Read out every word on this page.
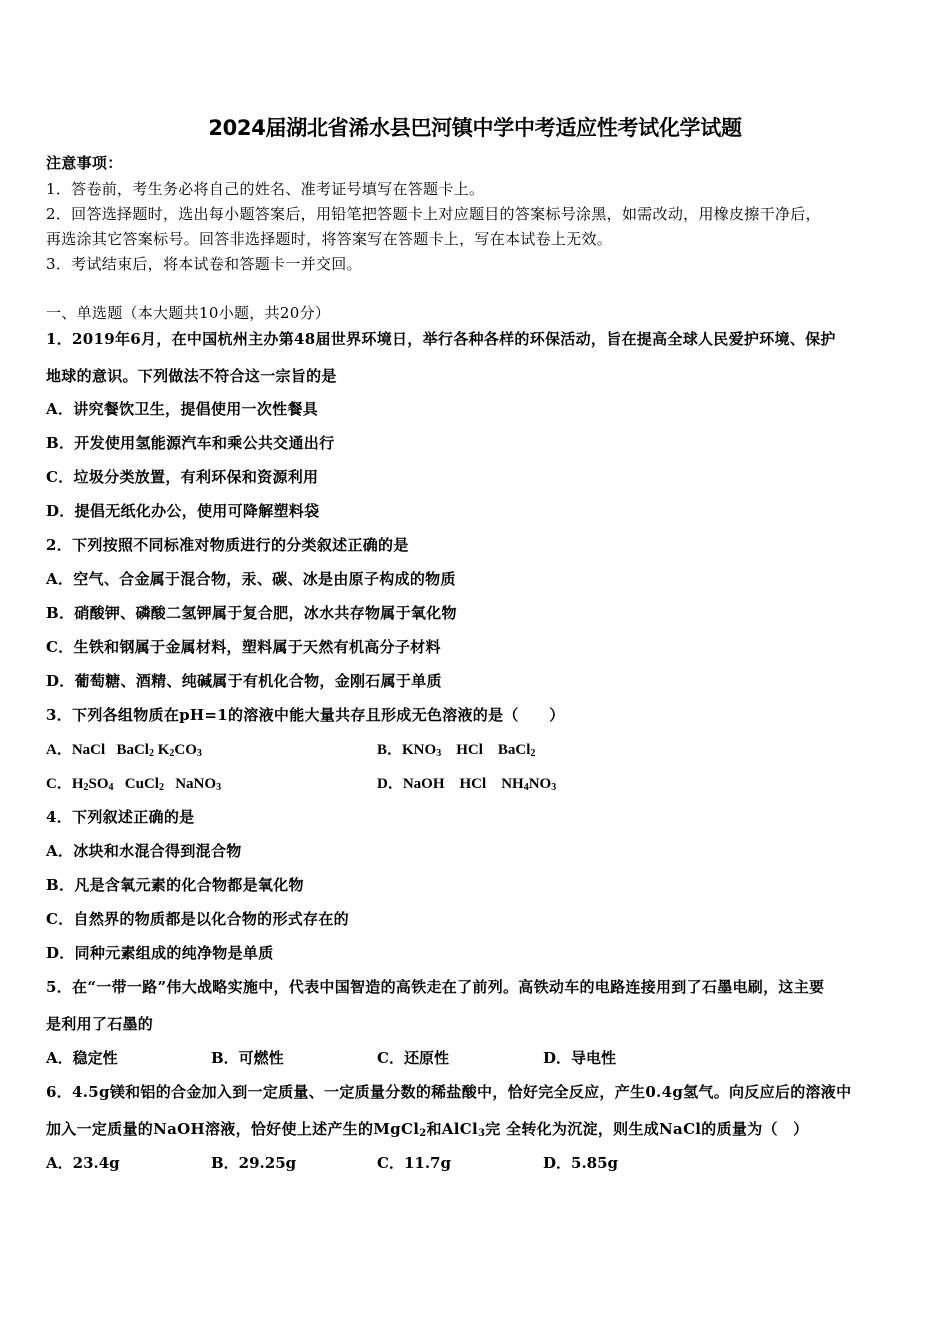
2024届湖北省浠水县巴河镇中学中考适应性考试化学试题
注意事项：
1．答卷前，考生务必将自己的姓名、准考证号填写在答题卡上。
2．回答选择题时，选出每小题答案后，用铅笔把答题卡上对应题目的答案标号涂黑，如需改动，用橡皮擦干净后，
再选涂其它答案标号。回答非选择题时，将答案写在答题卡上，写在本试卷上无效。
3．考试结束后，将本试卷和答题卡一并交回。
一、单选题（本大题共10小题，共20分）
1．2019年6月，在中国杭州主办第48届世界环境日，举行各种各样的环保活动，旨在提高全球人民爱护环境、保护
地球的意识。下列做法不符合这一宗旨的是
A．讲究餐饮卫生，提倡使用一次性餐具
B．开发使用氢能源汽车和乘公共交通出行
C．垃圾分类放置，有利环保和资源利用
D．提倡无纸化办公，使用可降解塑料袋
2．下列按照不同标准对物质进行的分类叙述正确的是
A．空气、合金属于混合物，汞、碳、冰是由原子构成的物质
B．硝酸钾、磷酸二氢钾属于复合肥，冰水共存物属于氧化物
C．生铁和钢属于金属材料，塑料属于天然有机高分子材料
D．葡萄糖、酒精、纯碱属于有机化合物，金刚石属于单质
3．下列各组物质在pH=1的溶液中能大量共存且形成无色溶液的是（　　）
A．NaCl BaCl$_2$ $K_2CO_3$	B．$KNO_3$ HCl BaCl$_2$
C．$H_2SO_4$ CuCl$_2$ NaNO$_3$	D．NaOH HCl $NH_4NO_3$
4．下列叙述正确的是
A．冰块和水混合得到混合物
B．凡是含氧元素的化合物都是氧化物
C．自然界的物质都是以化合物的形式存在的
D．同种元素组成的纯净物是单质
5．在“一带一路”伟大战略实施中，代表中国智造的高铁走在了前列。高铁动车的电路连接用到了石墨电刷，这主要
是利用了石墨的
A．稳定性	B．可燃性	C．还原性	D．导电性
6．4.5g镁和铝的合金加入到一定质量、一定质量分数的稀盐酸中，恰好完全反应，产生0.4g氢气。向反应后的溶液中
加入一定质量的NaOH溶液，恰好使上述产生的MgCl$_2$和AlCl$_3$完 全转化为沉淀，则生成NaCl的质量为（　）
A．23.4g	B．29.25g	C．11.7g	D．5.85g
